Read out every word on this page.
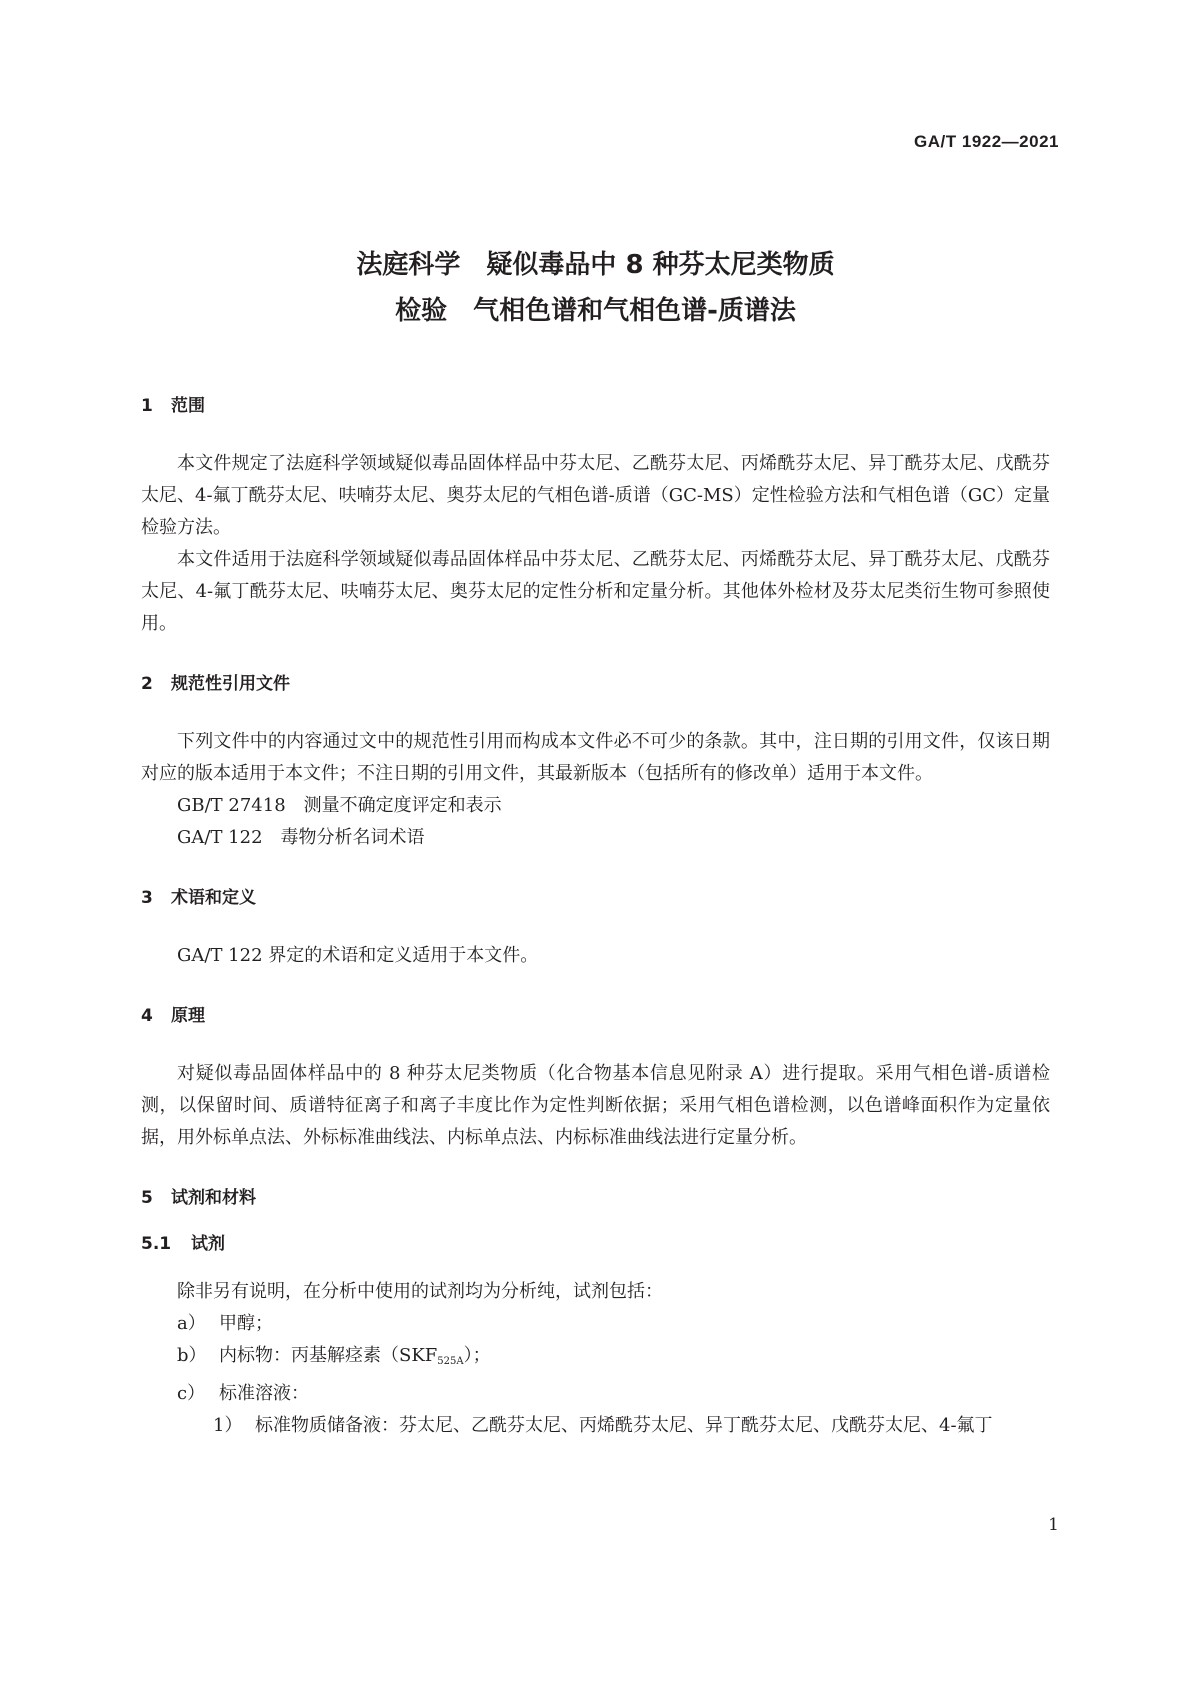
GA/T 1922—2021
法庭科学　疑似毒品中 8 种芬太尼类物质
检验　气相色谱和气相色谱-质谱法

1 范围

本文件规定了法庭科学领域疑似毒品固体样品中芬太尼、乙酰芬太尼、丙烯酰芬太尼、异丁酰芬太尼、戊酰芬太尼、4-氟丁酰芬太尼、呋喃芬太尼、奥芬太尼的气相色谱-质谱（GC-MS）定性检验方法和气相色谱（GC）定量检验方法。

本文件适用于法庭科学领域疑似毒品固体样品中芬太尼、乙酰芬太尼、丙烯酰芬太尼、异丁酰芬太尼、戊酰芬太尼、4-氟丁酰芬太尼、呋喃芬太尼、奥芬太尼的定性分析和定量分析。其他体外检材及芬太尼类衍生物可参照使用。

2 规范性引用文件

下列文件中的内容通过文中的规范性引用而构成本文件必不可少的条款。其中，注日期的引用文件，仅该日期对应的版本适用于本文件；不注日期的引用文件，其最新版本（包括所有的修改单）适用于本文件。

GB/T 27418　 测量不确定度评定和表示

GA/T 122　 毒物分析名词术语

3 术语和定义

GA/T 122 界定的术语和定义适用于本文件。

4 原理

对疑似毒品固体样品中的 8 种芬太尼类物质（化合物基本信息见附录 A）进行提取。采用气相色谱-质谱检测，以保留时间、质谱特征离子和离子丰度比作为定性判断依据；采用气相色谱检测，以色谱峰面积作为定量依据，用外标单点法、外标标准曲线法、内标单点法、内标标准曲线法进行定量分析。

5 试剂和材料

5.1 试剂

除非另有说明，在分析中使用的试剂均为分析纯，试剂包括：

a） 甲醇；

b） 内标物：丙基解痉素$(SKF_{525A})$；

c） 标准溶液：

1） 标准物质储备液：芬太尼、乙酰芬太尼、丙烯酰芬太尼、异丁酰芬太尼、戊酰芬太尼、4-氟丁

1
